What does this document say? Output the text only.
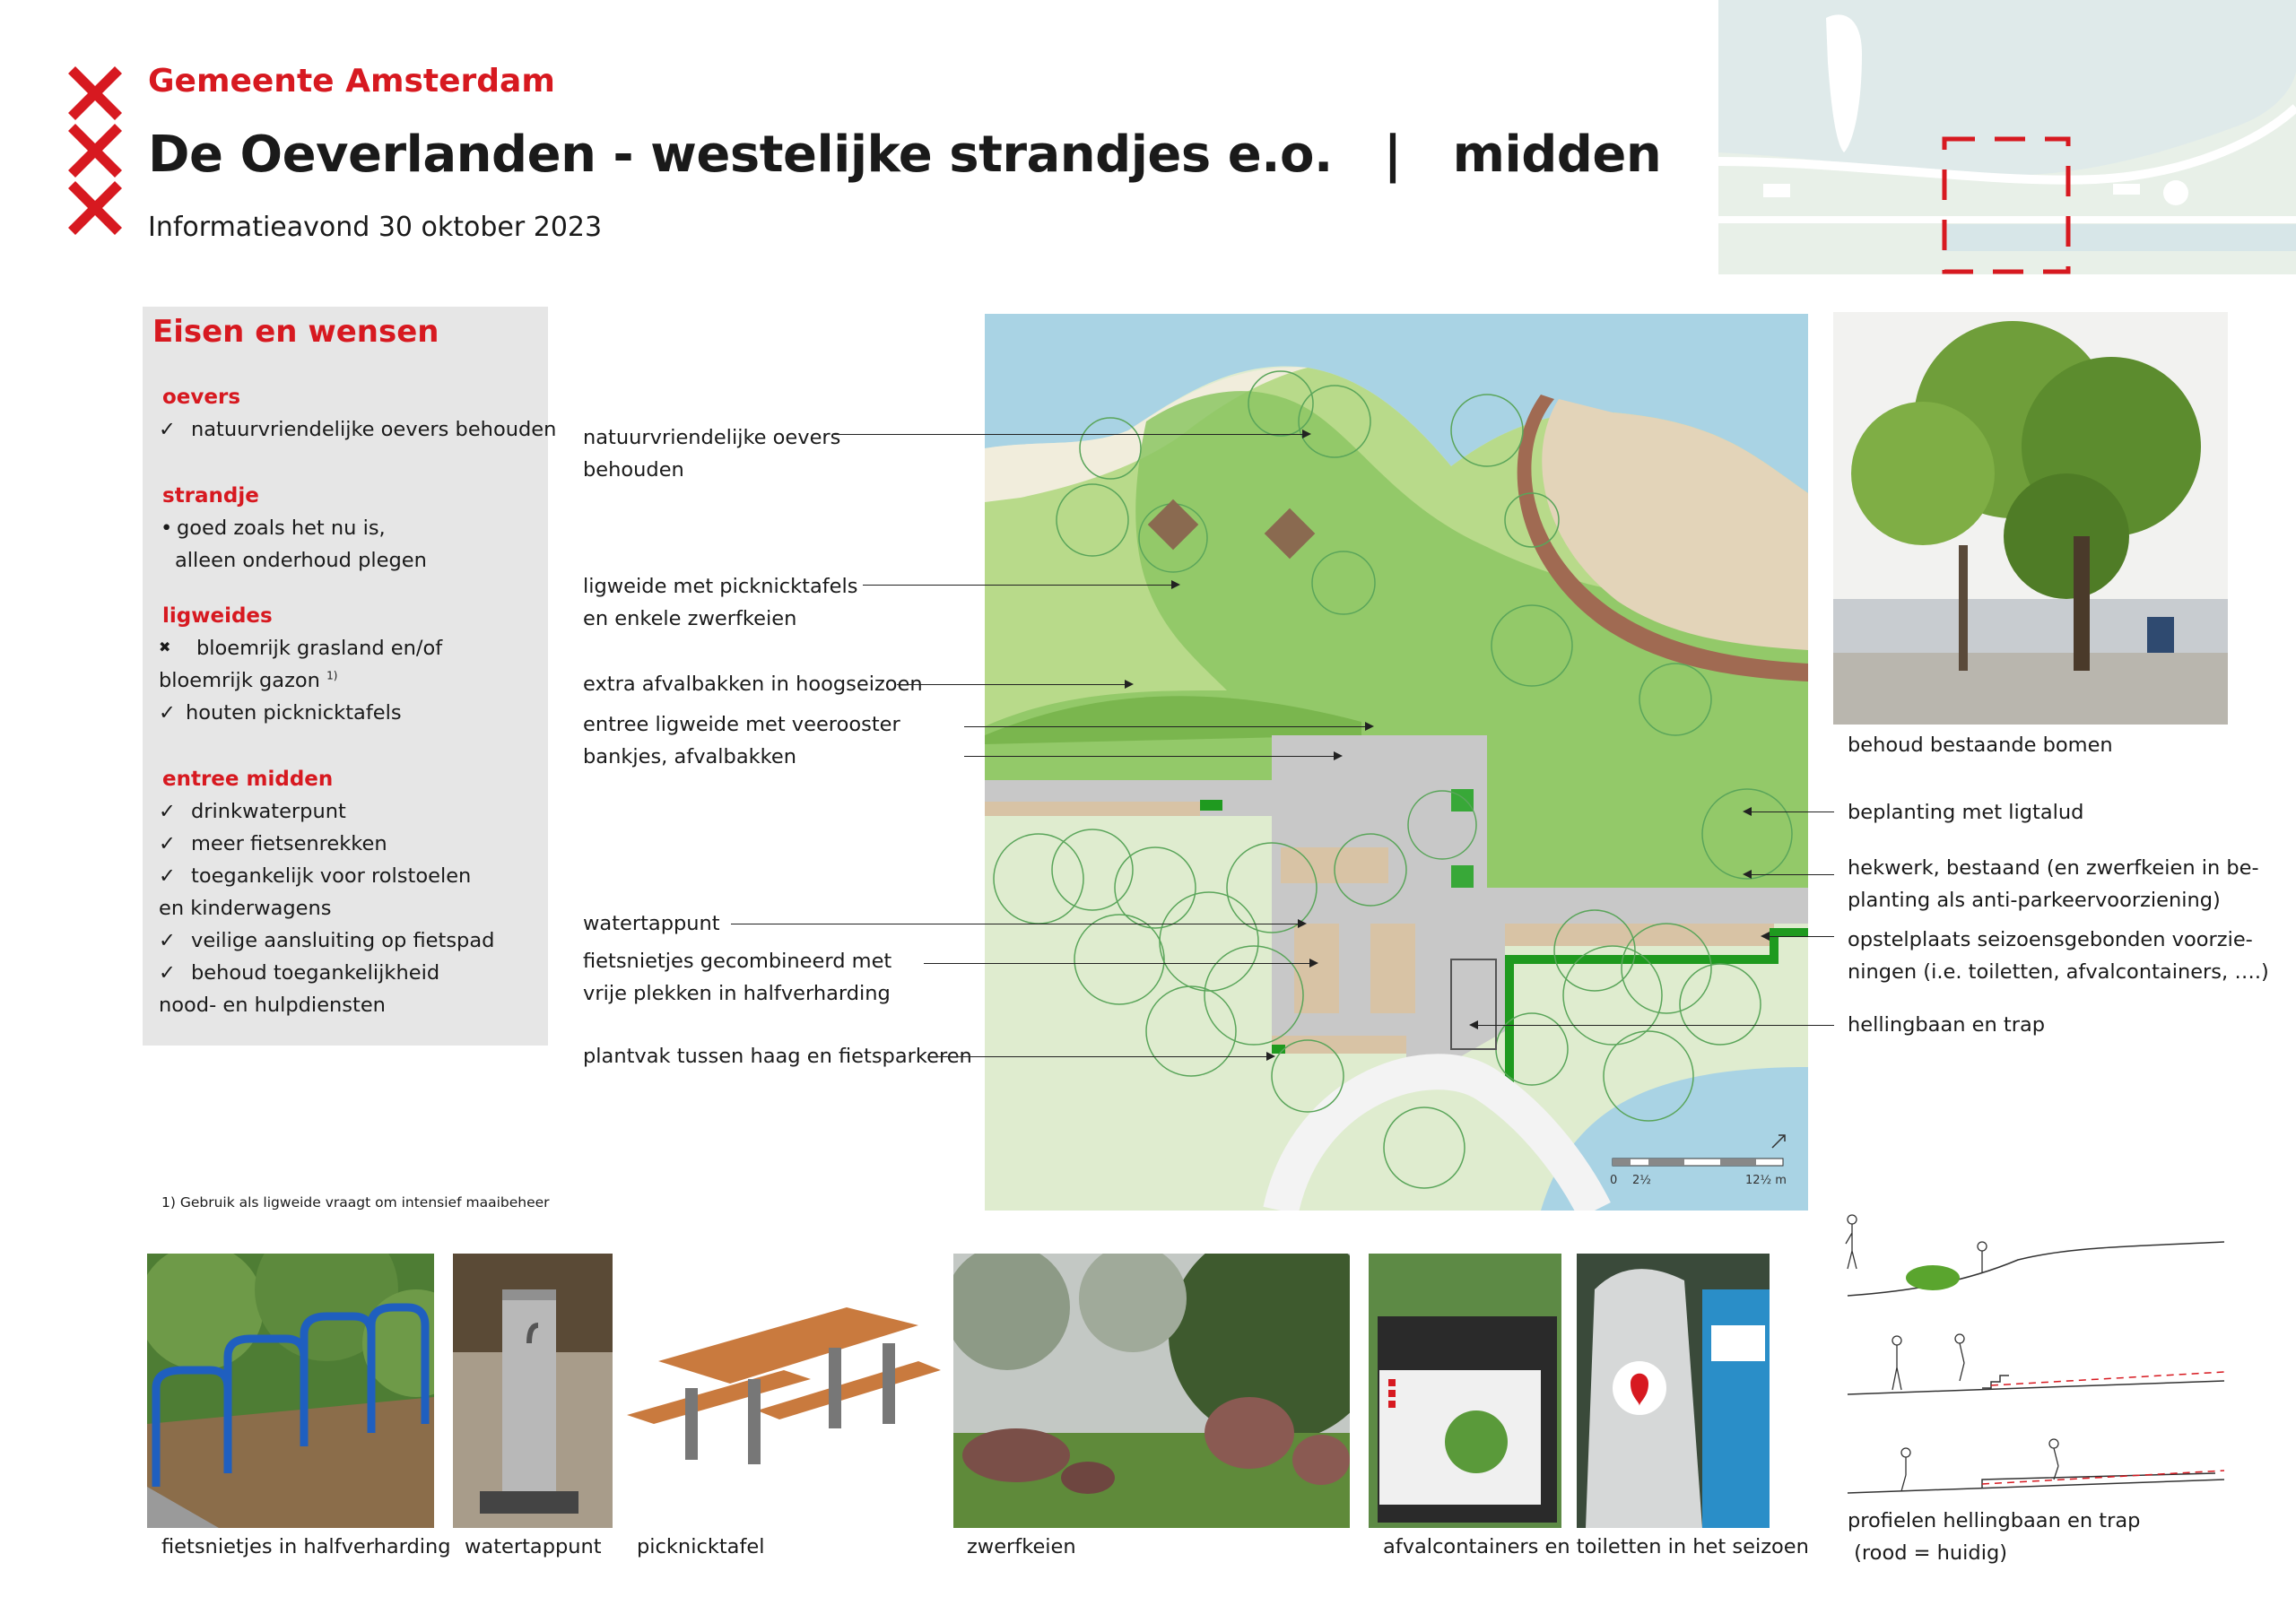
Gemeente Amsterdam
De Oeverlanden - westelijke strandjes e.o.   |   midden
Informatieavond 30 oktober 2023
Eisen en wensen
oevers
✓ natuurvriendelijke oevers behouden
strandje
• goed zoals het nu is,
alleen onderhoud plegen
ligweides
✖ bloemrijk grasland en/of
bloemrijk gazon $^{1)}$
✓ houten picknicktafels
entree midden
✓ drinkwaterpunt
✓ meer fietsenrekken
✓ toegankelijk voor rolstoelen
en kinderwagens
✓ veilige aansluiting op fietspad
✓ behoud toegankelijkheid
nood- en hulpdiensten
1) Gebruik als ligweide vraagt om intensief maaibeheer
0 2½	12½ m
natuurvriendelijke oevers
behouden
ligweide met picknicktafels
en enkele zwerfkeien
extra afvalbakken in hoogseizoen
entree ligweide met veerooster
bankjes, afvalbakken
watertappunt
fietsnietjes gecombineerd met
vrije plekken in halfverharding
plantvak tussen haag en fietsparkeren
behoud bestaande bomen
beplanting met ligtalud
hekwerk, bestaand (en zwerfkeien in be-
planting als anti-parkeervoorziening)
opstelplaats seizoensgebonden voorzie-
ningen (i.e. toiletten, afvalcontainers, ….)
hellingbaan en trap
fietsnietjes in halfverharding watertappunt picknicktafel	zwerfkeien	afvalcontainers en toiletten in het seizoen
profielen hellingbaan en trap
(rood = huidig)
